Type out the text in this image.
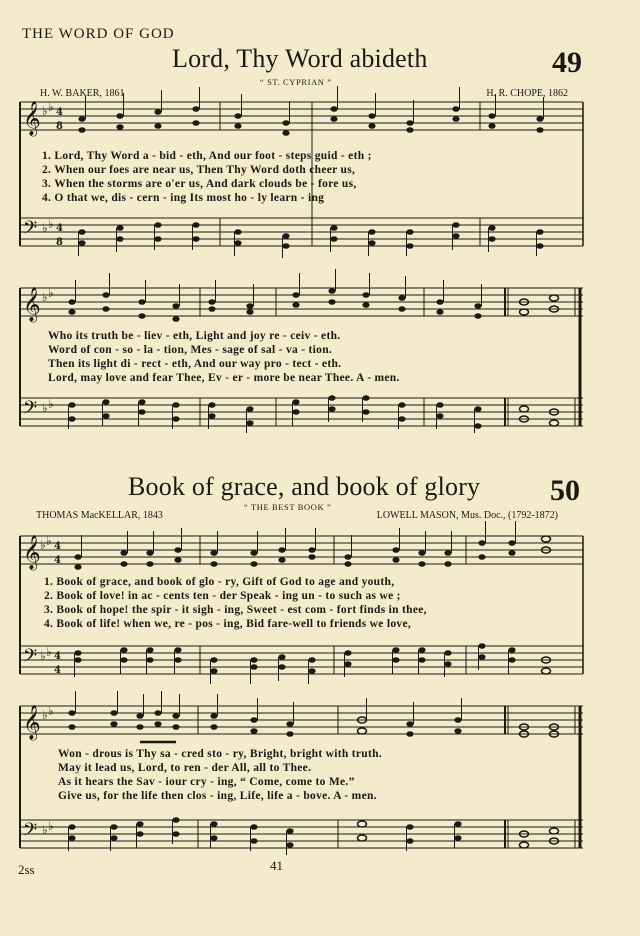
THE WORD OF GOD
Lord, Thy Word abideth	49
“ ST. CYPRIAN ”
H. W. BAKER, 1861	H. R. CHOPE, 1862
𝄞 ♭ ♭ 4
8
𝄢 ♭ ♭ 4
8
1. Lord, Thy Word a - bid - eth, And our foot - steps guid - eth ;
2. When our foes are near us, Then Thy Word doth cheer us,
3. When the storms are o'er us, And dark clouds be - fore us,
4. O that we, dis - cern - ing Its most ho - ly learn - ing
𝄞 ♭ ♭
𝄢 ♭ ♭
Who its truth be - liev - eth, Light and joy re - ceiv - eth.
Word of con - so - la - tion, Mes - sage of sal - va - tion.
Then its light di - rect - eth, And our way pro - tect - eth.
Lord, may love and fear Thee, Ev - er - more be near Thee. A - men.
Book of grace, and book of glory 50
“ THE BEST BOOK ”
THOMAS MacKELLAR, 1843	LOWELL MASON, Mus. Doc., (1792-1872)
𝄞 ♭ ♭ 4
4
𝄢 ♭ ♭ 4
4
1. Book of grace, and book of glo - ry, Gift of God to age and youth,
2. Book of love! in ac - cents ten - der Speak - ing un - to such as we ;
3. Book of hope! the spir - it sigh - ing, Sweet - est com - fort finds in thee,
4. Book of life! when we, re - pos - ing, Bid fare-well to friends we love,
𝄞 ♭ ♭
𝄢 ♭ ♭
Won - drous is Thy sa - cred sto - ry, Bright, bright with truth.
May it lead us, Lord, to ren - der All, all to Thee.
As it hears the Sav - iour cry - ing, “ Come, come to Me.”
Give us, for the life then clos - ing, Life, life a - bove. A - men.
2ss	41
